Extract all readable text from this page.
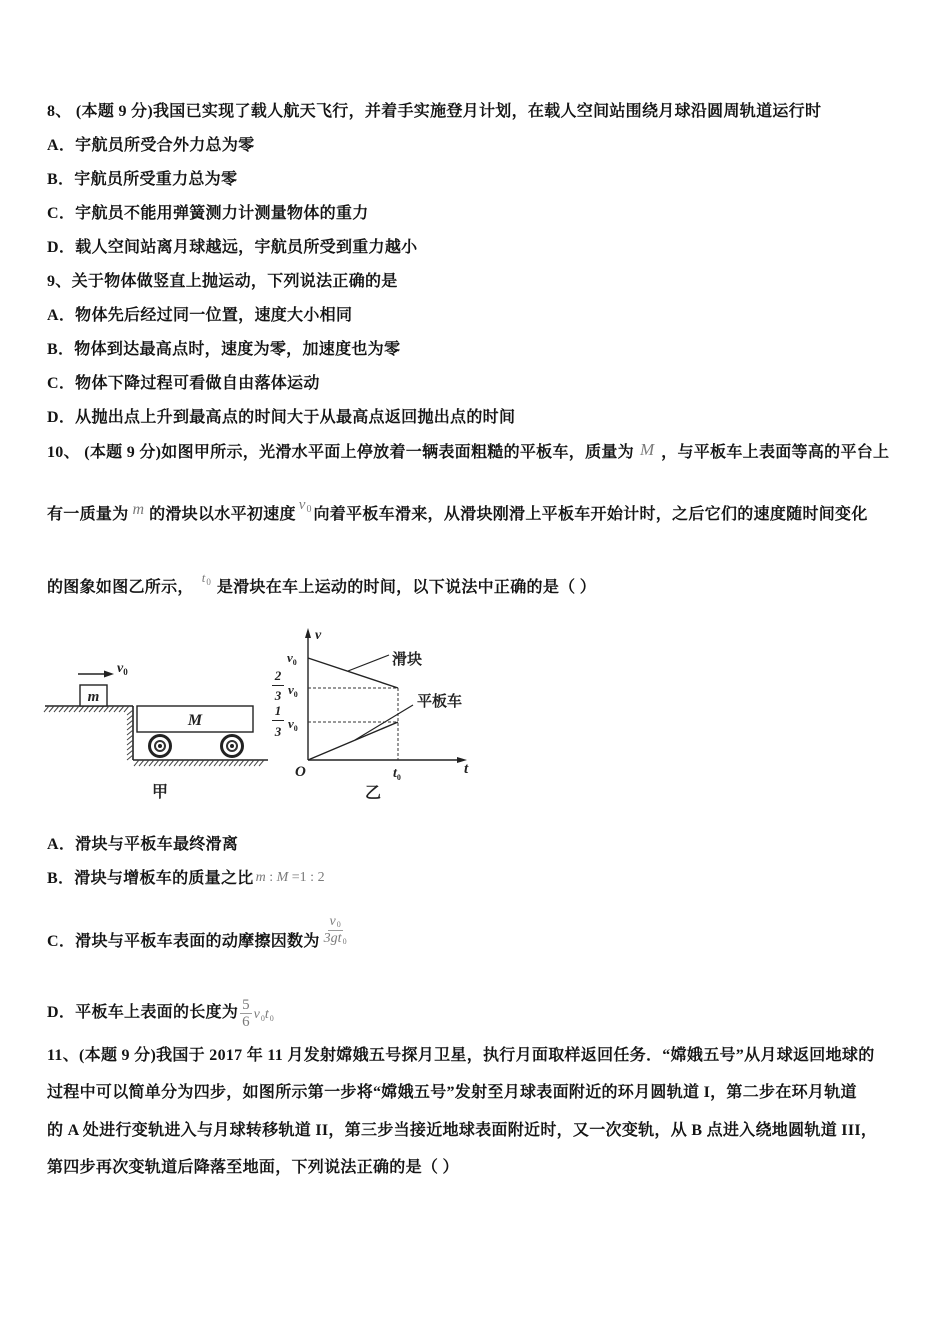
8、 (本题 9 分)我国已实现了载人航天飞行，并着手实施登月计划，在载人空间站围绕月球沿圆周轨道运行时
A．宇航员所受合外力总为零
B．宇航员所受重力总为零
C．宇航员不能用弹簧测力计测量物体的重力
D．载人空间站离月球越远，宇航员所受到重力越小
9、关于物体做竖直上抛运动，下列说法正确的是
A．物体先后经过同一位置，速度大小相同
B．物体到达最高点时，速度为零，加速度也为零
C．物体下降过程可看做自由落体运动
D．从抛出点上升到最高点的时间大于从最高点返回抛出点的时间
10、 (本题 9 分)如图甲所示，光滑水平面上停放着一辆表面粗糙的平板车，质量为 M ，与平板车上表面等高的平台上
有一质量为 m 的滑块以水平初速度$v_0$ 向着平板车滑来，从滑块刚滑上平板车开始计时，之后它们的速度随时间变化
的图象如图乙所示，$^{t_0}$ 是滑块在车上运动的时间，以下说法中正确的是（ ）
m
$v_0$
M
甲
v
t
O
滑块
平板车
$v_0$
2
3 $v_0$
1
3
$v_0$
$t_0$
乙
A．滑块与平板车最终滑离
B．滑块与增板车的质量之比 m : M =1 : 2
C．滑块与平板车表面的动摩擦因数为 $\frac{v0}{3gt0}$
D．平板车上表面的长度为 $\frac{5}{6} v_0t_0$
11、(本题 9 分)我国于 2017 年 11 月发射嫦娥五号探月卫星，执行月面取样返回任务．“嫦娥五号”从月球返回地球的
过程中可以简单分为四步，如图所示第一步将“嫦娥五号”发射至月球表面附近的环月圆轨道 I，第二步在环月轨道
的 A 处进行变轨进入与月球转移轨道 II，第三步当接近地球表面附近时，又一次变轨，从 B 点进入绕地圆轨道 III，
第四步再次变轨道后降落至地面，下列说法正确的是（ ）
